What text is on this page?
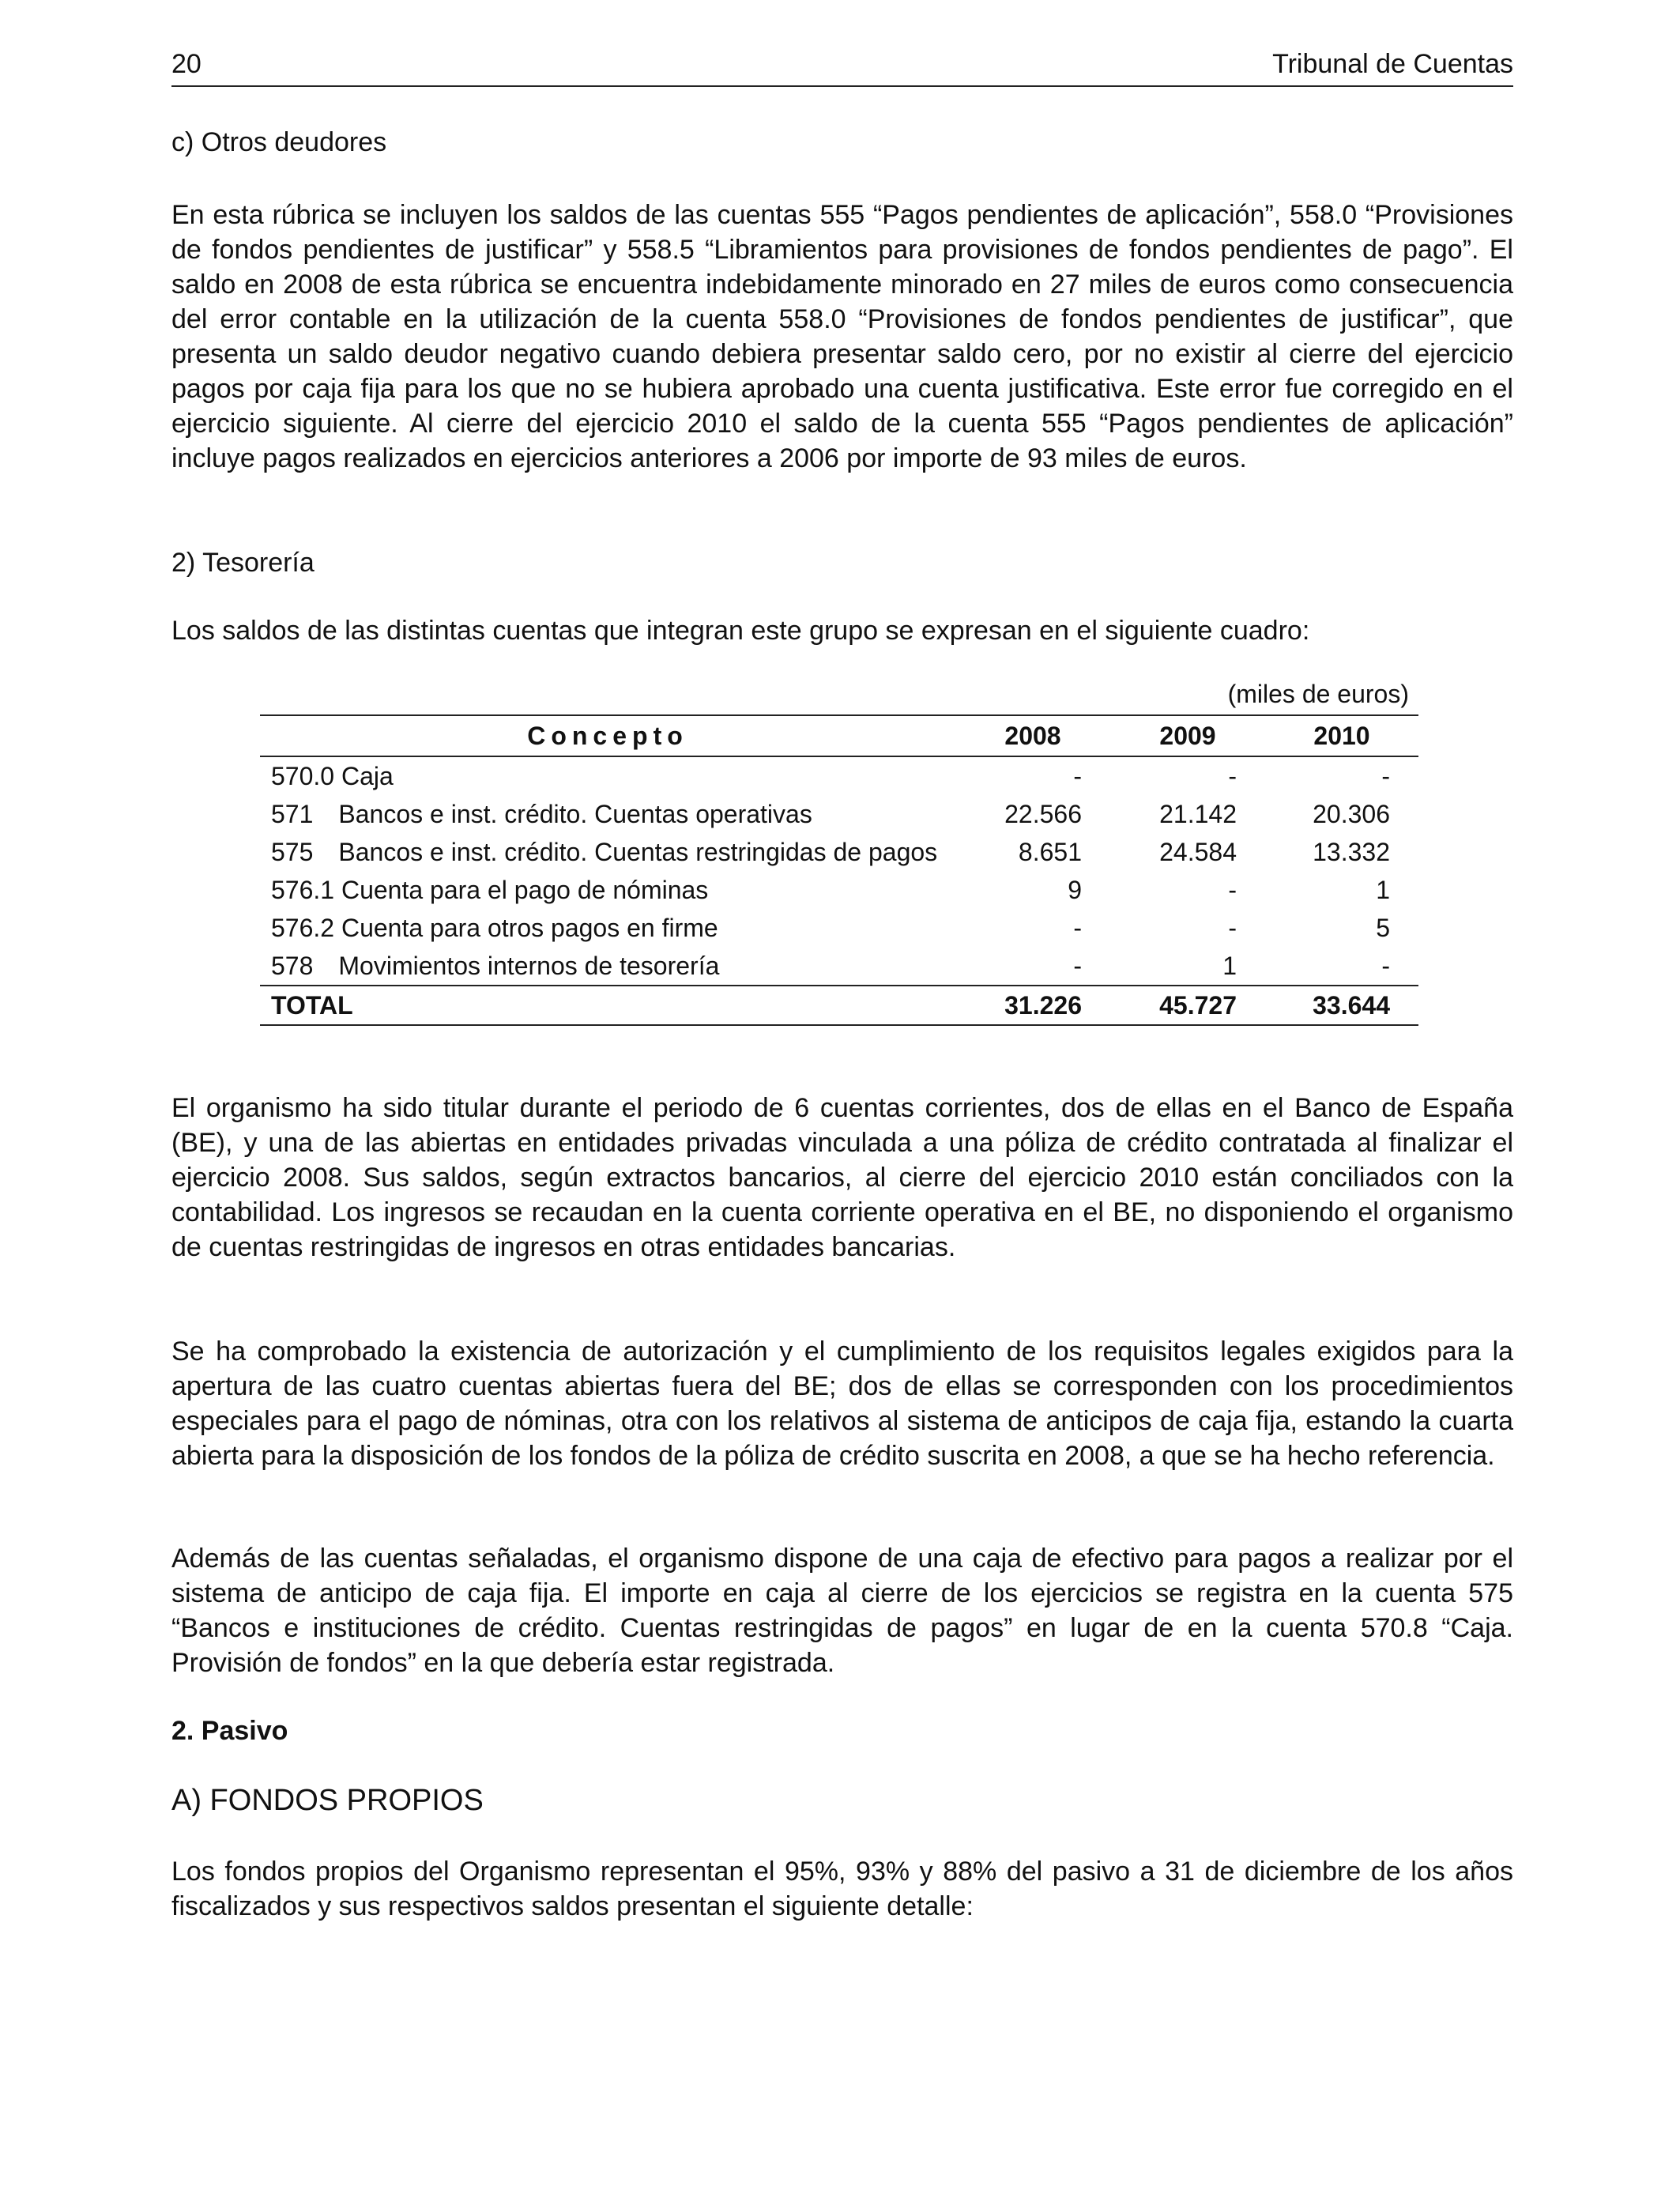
20	Tribunal de Cuentas
c) Otros deudores
En esta rúbrica se incluyen los saldos de las cuentas 555 “Pagos pendientes de aplicación”, 558.0 “Provisiones de fondos pendientes de justificar” y 558.5 “Libramientos para provisiones de fondos pendientes de pago”. El saldo en 2008 de esta rúbrica se encuentra indebidamente minorado en 27 miles de euros como consecuencia del error contable en la utilización de la cuenta 558.0 “Provisiones de fondos pendientes de justificar”, que presenta un saldo deudor negativo cuando debiera presentar saldo cero, por no existir al cierre del ejercicio pagos por caja fija para los que no se hubiera aprobado una cuenta justificativa. Este error fue corregido en el ejercicio siguiente. Al cierre del ejercicio 2010 el saldo de la cuenta 555 “Pagos pendientes de aplicación” incluye pagos realizados en ejercicios anteriores a 2006 por importe de 93 miles de euros.
2) Tesorería
Los saldos de las distintas cuentas que integran este grupo se expresan en el siguiente cuadro:
(miles de euros)
Concepto	2008	2009	2010
570.0 Caja	-	-	-
571 Bancos e inst. crédito. Cuentas operativas	22.566	21.142	20.306
575 Bancos e inst. crédito. Cuentas restringidas de pagos	8.651	24.584	13.332
576.1 Cuenta para el pago de nóminas	9	-	1
576.2 Cuenta para otros pagos en firme	-	-	5
578 Movimientos internos de tesorería	-	1	-
TOTAL	31.226	45.727	33.644
El organismo ha sido titular durante el periodo de 6 cuentas corrientes, dos de ellas en el Banco de España (BE), y una de las abiertas en entidades privadas vinculada a una póliza de crédito contratada al finalizar el ejercicio 2008. Sus saldos, según extractos bancarios, al cierre del ejercicio 2010 están conciliados con la contabilidad. Los ingresos se recaudan en la cuenta corriente operativa en el BE, no disponiendo el organismo de cuentas restringidas de ingresos en otras entidades bancarias.
Se ha comprobado la existencia de autorización y el cumplimiento de los requisitos legales exigidos para la apertura de las cuatro cuentas abiertas fuera del BE; dos de ellas se corresponden con los procedimientos especiales para el pago de nóminas, otra con los relativos al sistema de anticipos de caja fija, estando la cuarta abierta para la disposición de los fondos de la póliza de crédito suscrita en 2008, a que se ha hecho referencia.
Además de las cuentas señaladas, el organismo dispone de una caja de efectivo para pagos a realizar por el sistema de anticipo de caja fija. El importe en caja al cierre de los ejercicios se registra en la cuenta 575 “Bancos e instituciones de crédito. Cuentas restringidas de pagos” en lugar de en la cuenta 570.8 “Caja. Provisión de fondos” en la que debería estar registrada.
2. Pasivo
A) FONDOS PROPIOS
Los fondos propios del Organismo representan el 95%, 93% y 88% del pasivo a 31 de diciembre de los años fiscalizados y sus respectivos saldos presentan el siguiente detalle:
